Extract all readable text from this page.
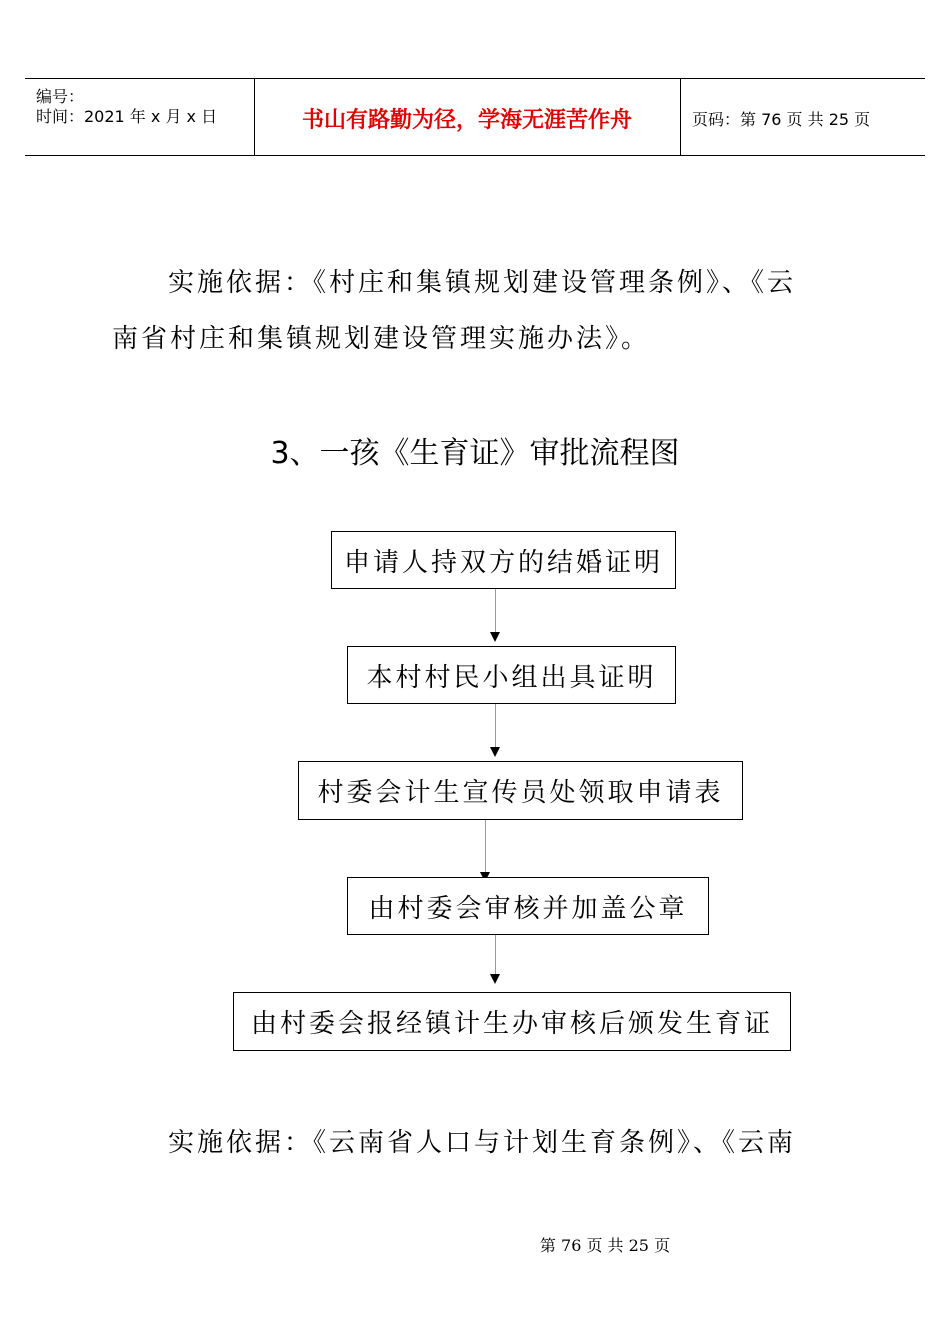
编号：
时间：2021 年 x 月 x 日	书山有路勤为径，学海无涯苦作舟	页码：第 76 页 共 25 页
实施依据：《村庄和集镇规划建设管理条例》、《云
南省村庄和集镇规划建设管理实施办法》。
3、一孩《生育证》审批流程图
申请人持双方的结婚证明
本村村民小组出具证明
村委会计生宣传员处领取申请表
由村委会审核并加盖公章
由村委会报经镇计生办审核后颁发生育证
实施依据：《云南省人口与计划生育条例》、《云南
第 76 页 共 25 页
